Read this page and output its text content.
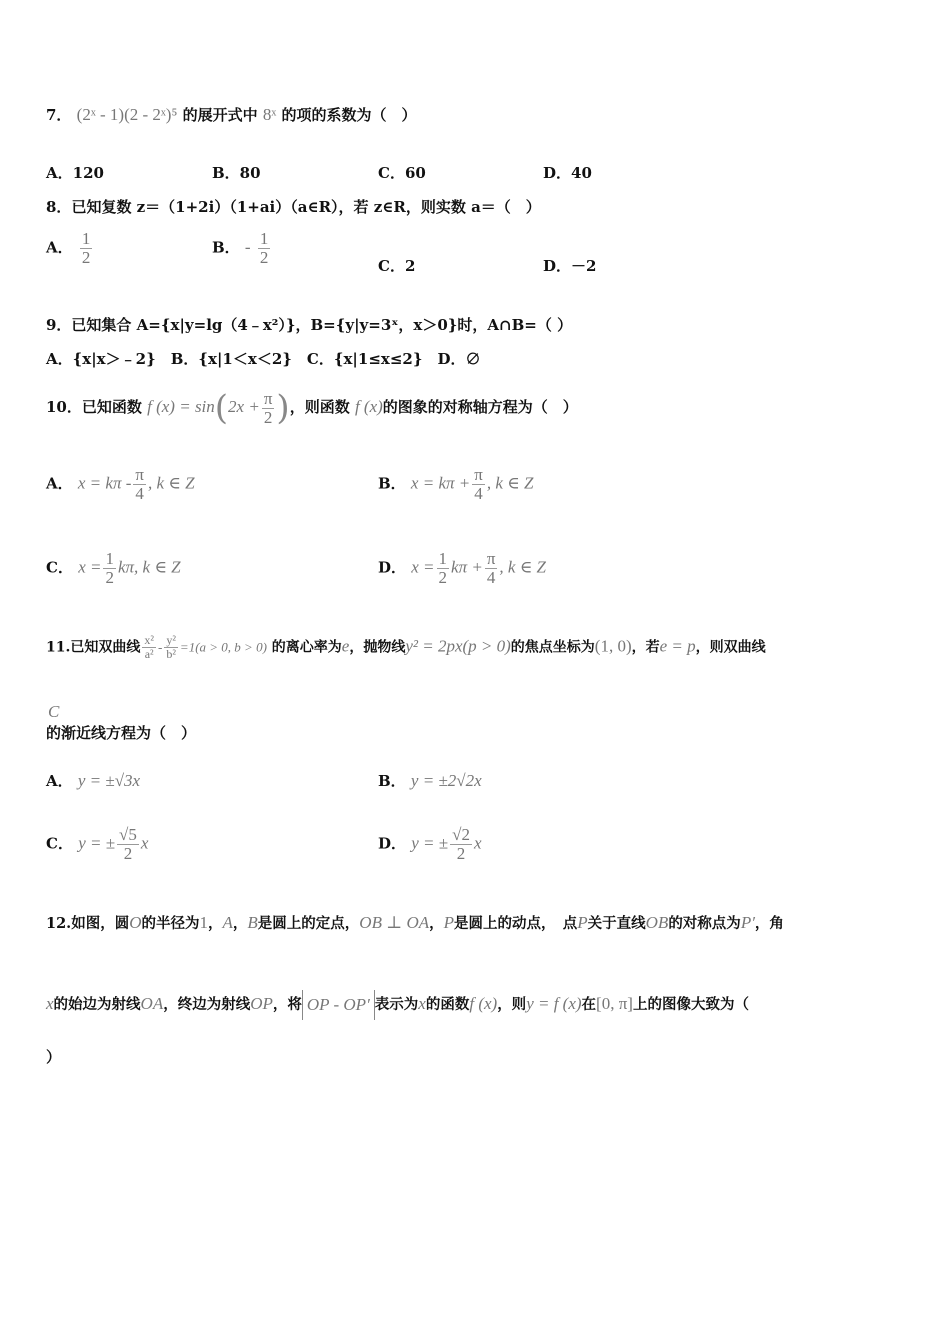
7． (2ˣ - 1)(2 - 2ˣ)⁵ 的展开式中 8ˣ 的项的系数为（　）
A．120	B．80	C．60	D．40
8．已知复数 z＝（1+2i）（1+ai）（a∈R），若 z∈R，则实数 a＝（　）
A． $\frac{1}{2}$	B． - $\frac{1}{2}$	C．2	D．－2
9．已知集合 A={x|y=lg（4﹣x²）}，B={y|y=3ˣ，x＞0}时，A∩B=（ ）
A．{x|x＞﹣2}　B．{x|1＜x＜2}　C．{x|1≤x≤2}　D．∅
10．已知函数 f $(x) = \sin(2x + \frac{\pi}{2}$ )，则函数 f (x)的图象的对称轴方程为（　）
A． $x = k\pi - \frac{\pi}{4}$ , k ∈ Z	B． $x = k\pi + \frac{\pi}{4}$ , k ∈ Z
C． $x = \frac{1}{2} k\pi$, k ∈ Z	D． $x = \frac{1}{2}$ $k\pi + \frac{\pi}{4}$ , k ∈ Z
11.已知双曲线 $\frac{\text{x²}}{\text{a²}} - \frac{\text{y²}}{\text{b²}} =1(a > 0$, b > 0) 的离心率为e，抛物线y² = 2px(p > 0)的焦点坐标为(1, 0)，若e = p，则双曲线
C
的渐近线方程为（　）
A． y = ±√3x	B． y = ±2√2x
C． y = ± $\frac{√5}{2}$ x	D． y = ± $\frac{√2}{2}$ x
12.如图，圆O的半径为1，A，B是圆上的定点，OB ⊥ OA，P是圆上的动点，　点P关于直线OB的对称点为P′，角
x的始边为射线OA，终边为射线OP，将 OP - OP′ 表示为x的函数f (x)，则y = f (x)在[0, π]上的图像大致为（
）
